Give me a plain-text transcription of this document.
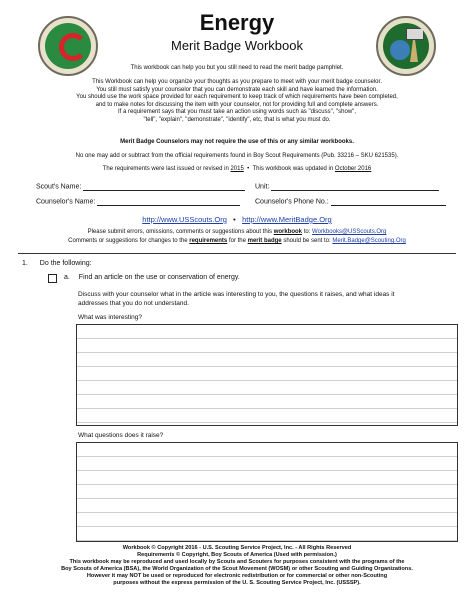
Energy
Merit Badge Workbook
This workbook can help you but you still need to read the merit badge pamphlet.
This Workbook can help you organize your thoughts as you prepare to meet with your merit badge counselor.
You still must satisfy your counselor that you can demonstrate each skill and have learned the information.
You should use the work space provided for each requirement to keep track of which requirements have been completed,
and to make notes for discussing the item with your counselor, not for providing full and complete answers.
If a requirement says that you must take an action using words such as "discuss", "show",
"tell", "explain", "demonstrate", "identify", etc, that is what you must do.
Merit Badge Counselors may not require the use of this or any similar workbooks.
No one may add or subtract from the official requirements found in Boy Scout Requirements (Pub. 33216 – SKU 621535).
The requirements were last issued or revised in 2015 • This workbook was updated in October 2016
Scout's Name:	Unit:
Counselor's Name:	Counselor's Phone No.:
http://www.USScouts.Org • http://www.MeritBadge.Org
Please submit errors, omissions, comments or suggestions about this workbook to: Workbooks@USScouts.Org
Comments or suggestions for changes to the requirements for the merit badge should be sent to: Merit.Badge@Scouting.Org
1. Do the following:
a. Find an article on the use or conservation of energy.
Discuss with your counselor what in the article was interesting to you, the questions it raises, and what ideas it
addresses that you do not understand.
What was interesting?
What questions does it raise?
Workbook © Copyright 2016 - U.S. Scouting Service Project, Inc. - All Rights Reserved
Requirements © Copyright, Boy Scouts of America (Used with permission.)
This workbook may be reproduced and used locally by Scouts and Scouters for purposes consistent with the programs of the
Boy Scouts of America (BSA), the World Organization of the Scout Movement (WOSM) or other Scouting and Guiding Organizations.
However it may NOT be used or reproduced for electronic redistribution or for commercial or other non-Scouting
purposes without the express permission of the U. S. Scouting Service Project, Inc. (USSSP).
